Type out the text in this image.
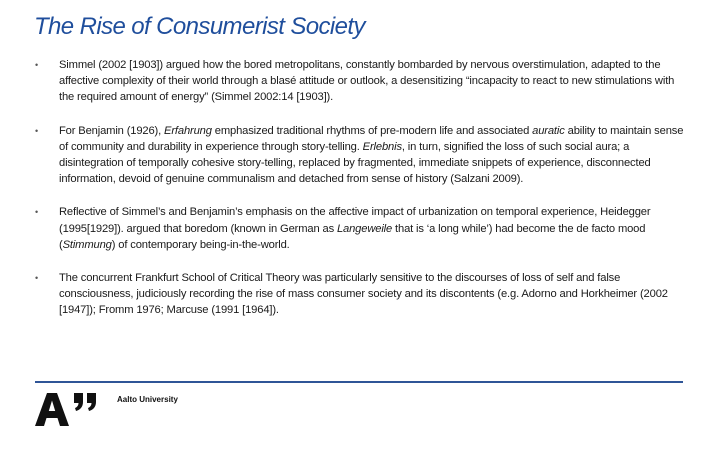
The Rise of Consumerist Society
• Simmel (2002 [1903]) argued how the bored metropolitans, constantly bombarded by nervous overstimulation, adapted to the affective complexity of their world through a blasé attitude or outlook, a desensitizing “incapacity to react to new stimulations with the required amount of energy” (Simmel 2002:14 [1903]).
• For Benjamin (1926), Erfahrung emphasized traditional rhythms of pre-modern life and associated auratic ability to maintain sense of community and durability in experience through story-telling. Erlebnis, in turn, signified the loss of such social aura; a disintegration of temporally cohesive story-telling, replaced by fragmented, immediate snippets of experience, disconnected information, devoid of genuine communalism and detached from sense of history (Salzani 2009).
• Reflective of Simmel’s and Benjamin’s emphasis on the affective impact of urbanization on temporal experience, Heidegger (1995[1929]). argued that boredom (known in German as Langeweile that is ‘a long while’) had become the de facto mood (Stimmung) of contemporary being-in-the-world.
• The concurrent Frankfurt School of Critical Theory was particularly sensitive to the discourses of loss of self and false consciousness, judiciously recording the rise of mass consumer society and its discontents (e.g. Adorno and Horkheimer (2002 [1947]); Fromm 1976; Marcuse (1991 [1964]).
Aalto University
